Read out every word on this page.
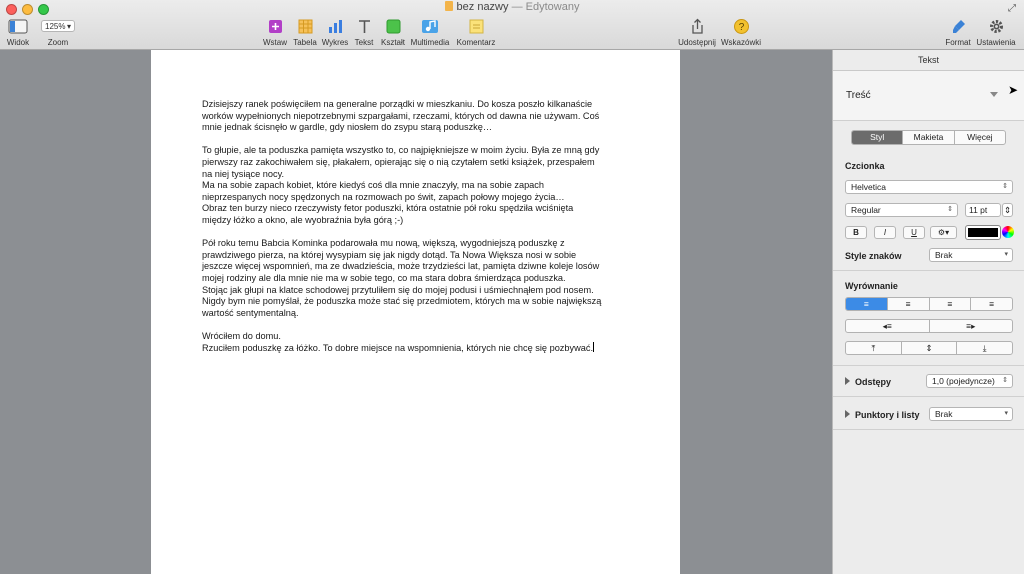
bez nazwy — Edytowany	⤢
Widok
125% ▾
Zoom	Wstaw Tabela Wykres Tekst Kształt Multimedia Komentarz	Udostępnij
?
Wskazówki	Format Ustawienia

Dzisiejszy ranek poświęciłem na generalne porządki w mieszkaniu. Do kosza poszło kilkanaście
worków wypełnionych niepotrzebnymi szpargałami, rzeczami, których od dawna nie używam. Coś
mnie jednak ścisnęło w gardle, gdy niosłem do zsypu starą poduszkę…

To głupie, ale ta poduszka pamięta wszystko to, co najpiękniejsze w moim życiu. Była ze mną gdy
pierwszy raz zakochiwałem się, płakałem, opierając się o nią czytałem setki książek, przespałem
na niej tysiące nocy.
Ma na sobie zapach kobiet, które kiedyś coś dla mnie znaczyły, ma na sobie zapach
nieprzespanych nocy spędzonych na rozmowach po świt, zapach połowy mojego życia…
Obraz ten burzy nieco rzeczywisty fetor poduszki, która ostatnie pół roku spędziła wciśnięta
między łóżko a okno, ale wyobraźnia była górą ;-)

Pół roku temu Babcia Kominka podarowała mu nową, większą, wygodniejszą poduszkę z
prawdziwego pierza, na której wysypiam się jak nigdy dotąd. Ta Nowa Większa nosi w sobie
jeszcze więcej wspomnień, ma ze dwadzieścia, może trzydzieści lat, pamięta dziwne koleje losów
mojej rodziny ale dla mnie nie ma w sobie tego, co ma stara dobra śmierdząca poduszka.
Stojąc jak głupi na klatce schodowej przytuliłem się do mojej podusi i uśmiechnąłem pod nosem.
Nigdy bym nie pomyślał, że poduszka może stać się przedmiotem, których ma w sobie największą
wartość sentymentalną.

Wróciłem do domu.
Rzuciłem poduszkę za łóżko. To dobre miejsce na wspomnienia, których nie chcę się pozbywać.

Tekst
Treść
Styl	Makieta	Więcej
Czcionka
Helvetica	⇕
Regular	⇕	11 pt	⇕
B	I	U	⚙▾
Style znaków	Brak	▾
Wyrównanie
≡	≡	≡	≡
◂≡	≡▸
⤒	⇕	⤓
Odstępy	1,0 (pojedyncze) ⇕
Punktory i listy	Brak	▾
➤
